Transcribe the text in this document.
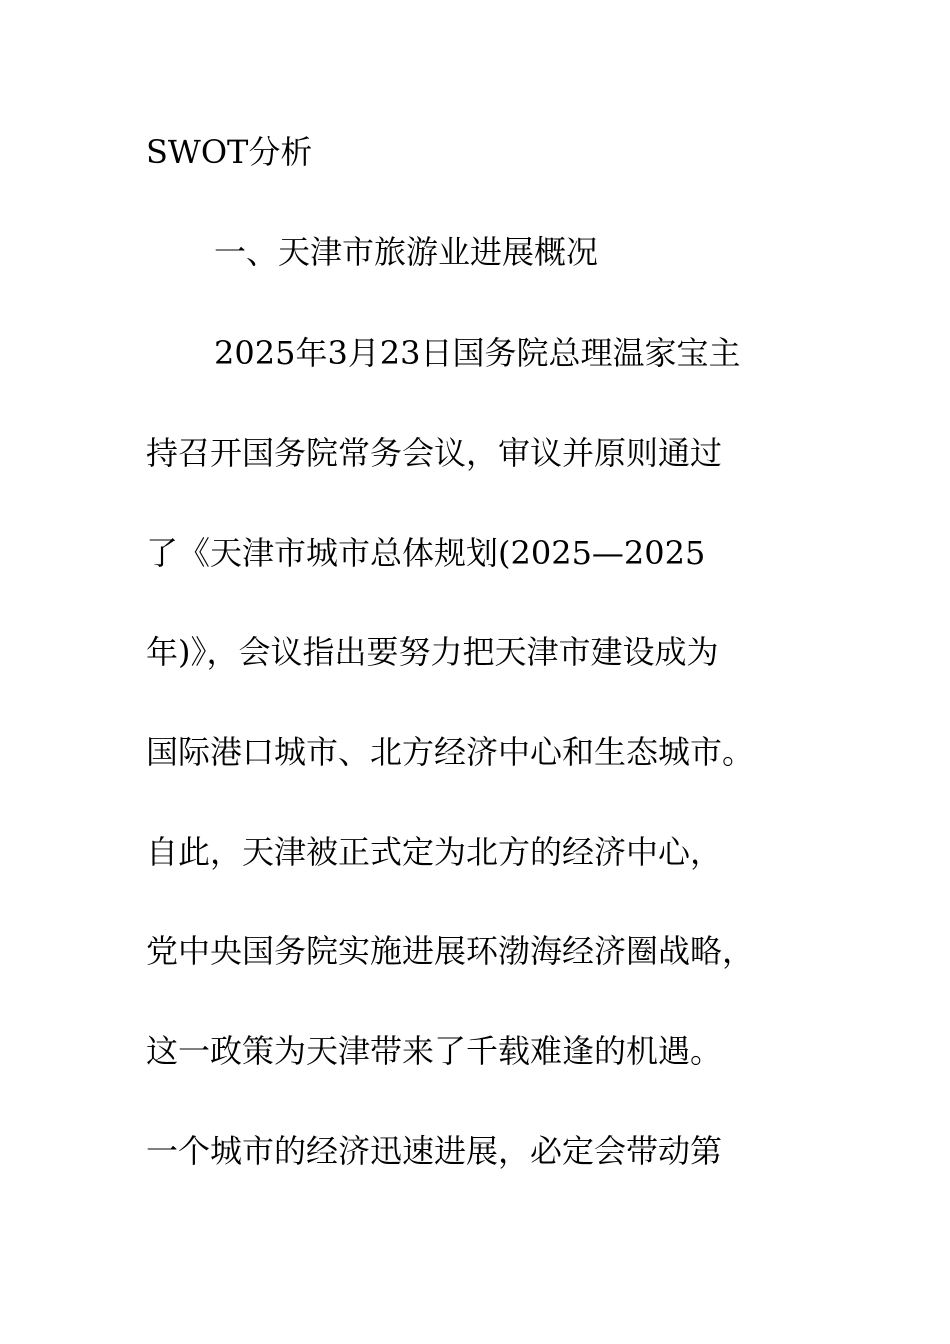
SWOT分析
一、天津市旅游业进展概况
2025年3月23日国务院总理温家宝主
持召开国务院常务会议，审议并原则通过
了《天津市城市总体规划(2025—2025
年)》，会议指出要努力把天津市建设成为
国际港口城市、北方经济中心和生态城市。
自此，天津被正式定为北方的经济中心，
党中央国务院实施进展环渤海经济圈战略，
这一政策为天津带来了千载难逢的机遇。
一个城市的经济迅速进展，必定会带动第
